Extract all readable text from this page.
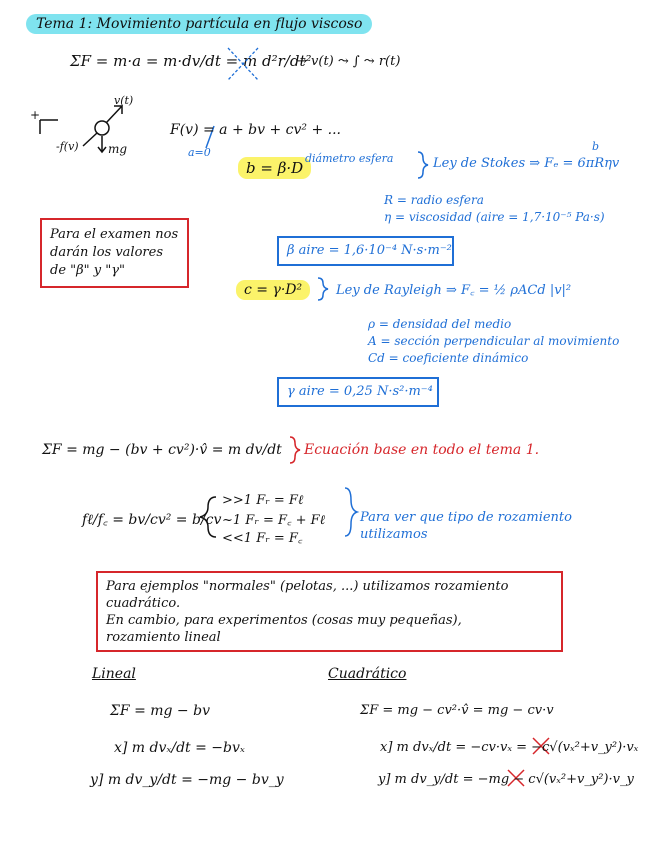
Tema 1: Movimiento partícula en flujo viscoso
ΣF = m·a = m·dv/dt = m d²r/dt²
→ v(t) ⤳ ∫ ⤳ r(t)
v(t)
-f(v) mg
+
F(v) = a + bv + cv² + ...
a=0
b = β·D
diámetro esfera	Ley de Stokes ⇒ Fₑ = 6πRηv
b
R = radio esfera
η = viscosidad (aire = 1,7·10⁻⁵ Pa·s)
Para el examen nos darán los valores de "β" y "γ"
β aire = 1,6·10⁻⁴ N·s·m⁻²
c = γ·D²	Ley de Rayleigh ⇒ F꜀ = ½ ρACd |v|²
ρ = densidad del medio
A = sección perpendicular al movimiento
Cd = coeficiente dinámico
γ aire = 0,25 N·s²·m⁻⁴
ΣF = mg − (bv + cv²)·v̂ = m dv/dt Ecuación base en todo el tema 1.
fℓ/f꜀ = bv/cv² = b/cv
>>1 Fᵣ = Fℓ
~1 Fᵣ = F꜀ + Fℓ
<<1 Fᵣ = F꜀
Para ver que tipo de rozamiento
utilizamos
Para ejemplos "normales" (pelotas, ...) utilizamos rozamiento
cuadrático.
En cambio, para experimentos (cosas muy pequeñas),
rozamiento lineal
Lineal
ΣF = mg − bv
x] m dvₓ/dt = −bvₓ
y] m dv_y/dt = −mg − bv_y
Cuadrático
ΣF = mg − cv²·v̂ = mg − cv·v
x] m dvₓ/dt = −cv·vₓ = −c√(vₓ²+v_y²)·vₓ
y] m dv_y/dt = −mg − c√(vₓ²+v_y²)·v_y
